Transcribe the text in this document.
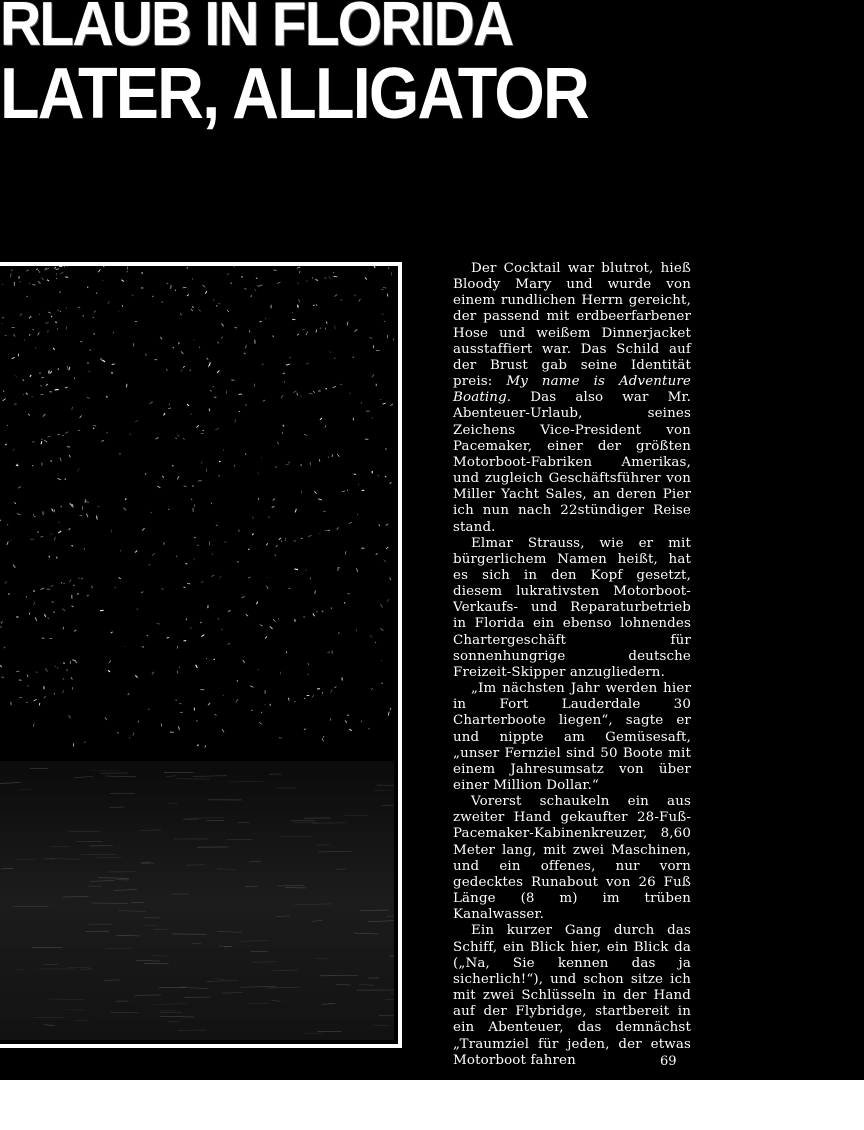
RLAUB IN FLORIDA
LATER, ALLIGATOR

Der Cocktail war blutrot, hieß Bloody Mary und wurde von einem rundlichen Herrn gereicht, der passend mit erdbeerfarbener Hose und weißem Dinnerjacket ausstaffiert war. Das Schild auf der Brust gab seine Identität preis: My name is Adventure Boating. Das also war Mr. Abenteuer-Urlaub, seines Zeichens Vice-President von Pacemaker, einer der größten Motorboot-Fabriken Amerikas, und zugleich Geschäftsführer von Miller Yacht Sales, an deren Pier ich nun nach 22stündiger Reise stand.

Elmar Strauss, wie er mit bürgerlichem Namen heißt, hat es sich in den Kopf gesetzt, diesem lukrativsten Motorboot-Verkaufs- und Reparaturbetrieb in Florida ein ebenso lohnendes Chartergeschäft für sonnenhungrige deutsche Freizeit-Skipper anzugliedern.

„Im nächsten Jahr werden hier in Fort Lauderdale 30 Charterboote liegen“, sagte er und nippte am Gemüsesaft, „unser Fernziel sind 50 Boote mit einem Jahresumsatz von über einer Million Dollar.“

Vorerst schaukeln ein aus zweiter Hand gekaufter 28-Fuß-Pacemaker-Kabinenkreuzer, 8,60 Meter lang, mit zwei Maschinen, und ein offenes, nur vorn gedecktes Runabout von 26 Fuß Länge (8 m) im trüben Kanalwasser.

Ein kurzer Gang durch das Schiff, ein Blick hier, ein Blick da („Na, Sie kennen das ja sicherlich!“), und schon sitze ich mit zwei Schlüsseln in der Hand auf der Flybridge, startbereit in ein Abenteuer, das demnächst „Traumziel für jeden, der etwas Motorboot fahren	69
